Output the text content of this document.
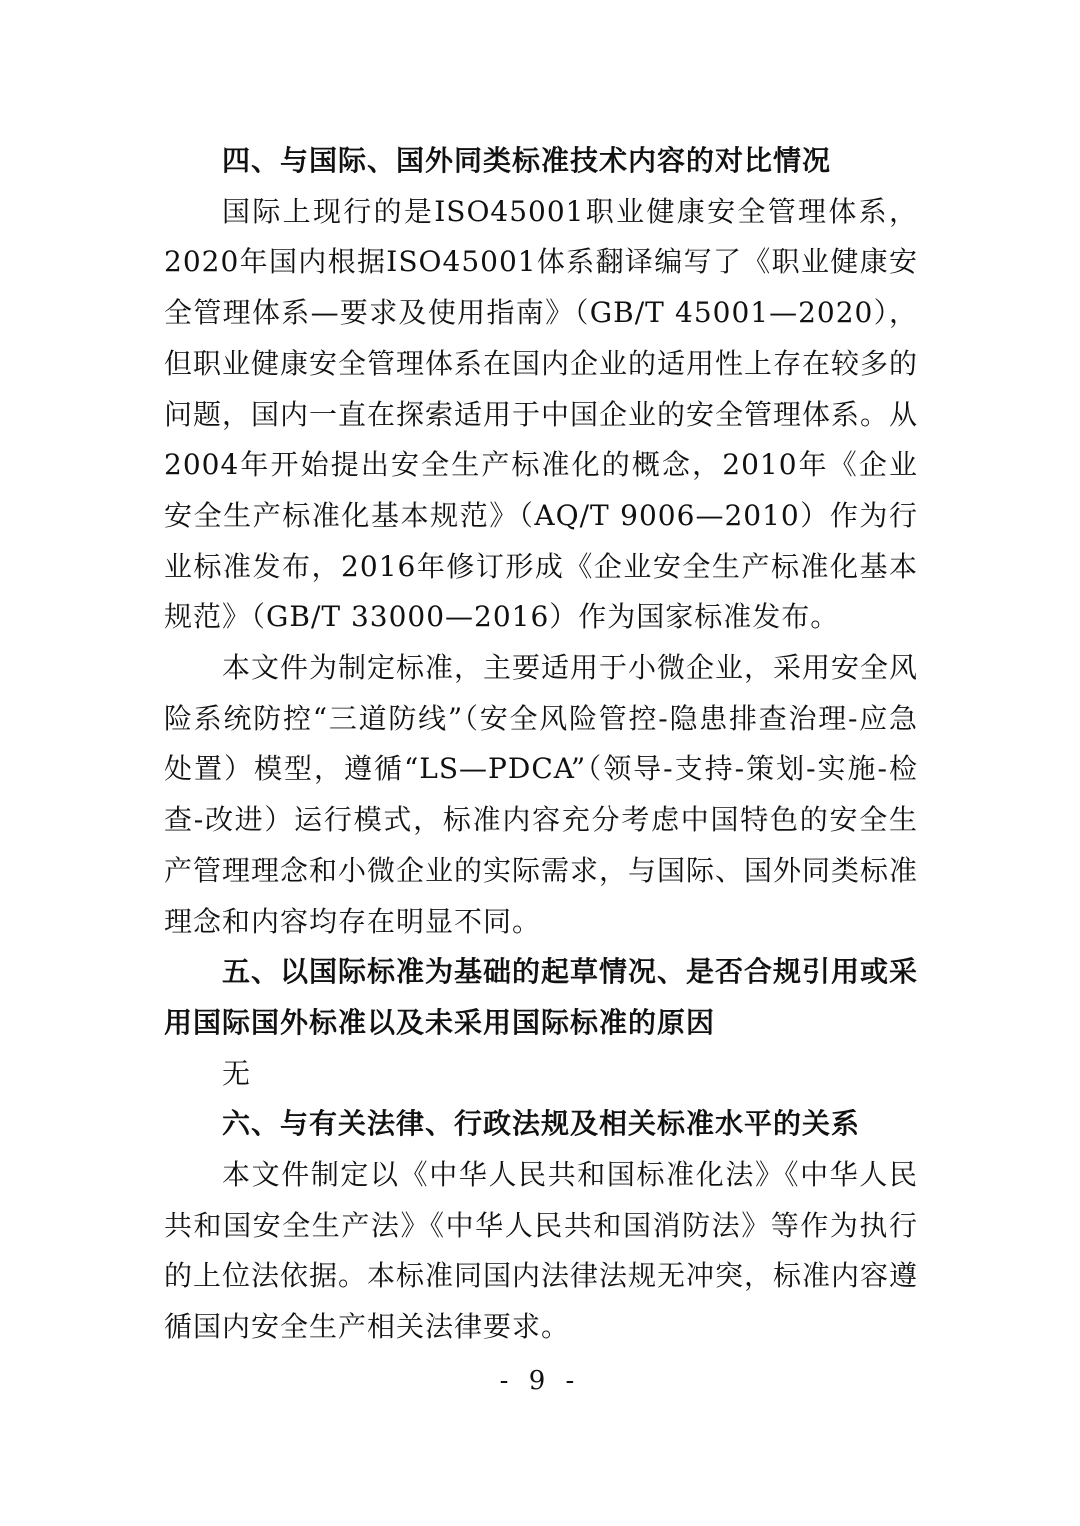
四、与国际、国外同类标准技术内容的对比情况

国际上现行的是ISO45001职业健康安全管理体系，2020年国内根据ISO45001体系翻译编写了《职业健康安全管理体系—要求及使用指南》（GB/T 45001—2020），但职业健康安全管理体系在国内企业的适用性上存在较多的问题，国内一直在探索适用于中国企业的安全管理体系。从2004年开始提出安全生产标准化的概念，2010年《企业安全生产标准化基本规范》（AQ/T 9006—2010）作为行业标准发布，2016年修订形成《企业安全生产标准化基本规范》（GB/T 33000—2016）作为国家标准发布。

本文件为制定标准，主要适用于小微企业，采用安全风险系统防控“三道防线”（安全风险管控-隐患排查治理-应急处置）模型，遵循“LS—PDCA”（领导-支持-策划-实施-检查-改进）运行模式，标准内容充分考虑中国特色的安全生产管理理念和小微企业的实际需求，与国际、国外同类标准理念和内容均存在明显不同。

五、以国际标准为基础的起草情况、是否合规引用或采用国际国外标准以及未采用国际标准的原因

无

六、与有关法律、行政法规及相关标准水平的关系

本文件制定以《中华人民共和国标准化法》《中华人民共和国安全生产法》《中华人民共和国消防法》等作为执行的上位法依据。本标准同国内法律法规无冲突，标准内容遵循国内安全生产相关法律要求。

- 9 -
